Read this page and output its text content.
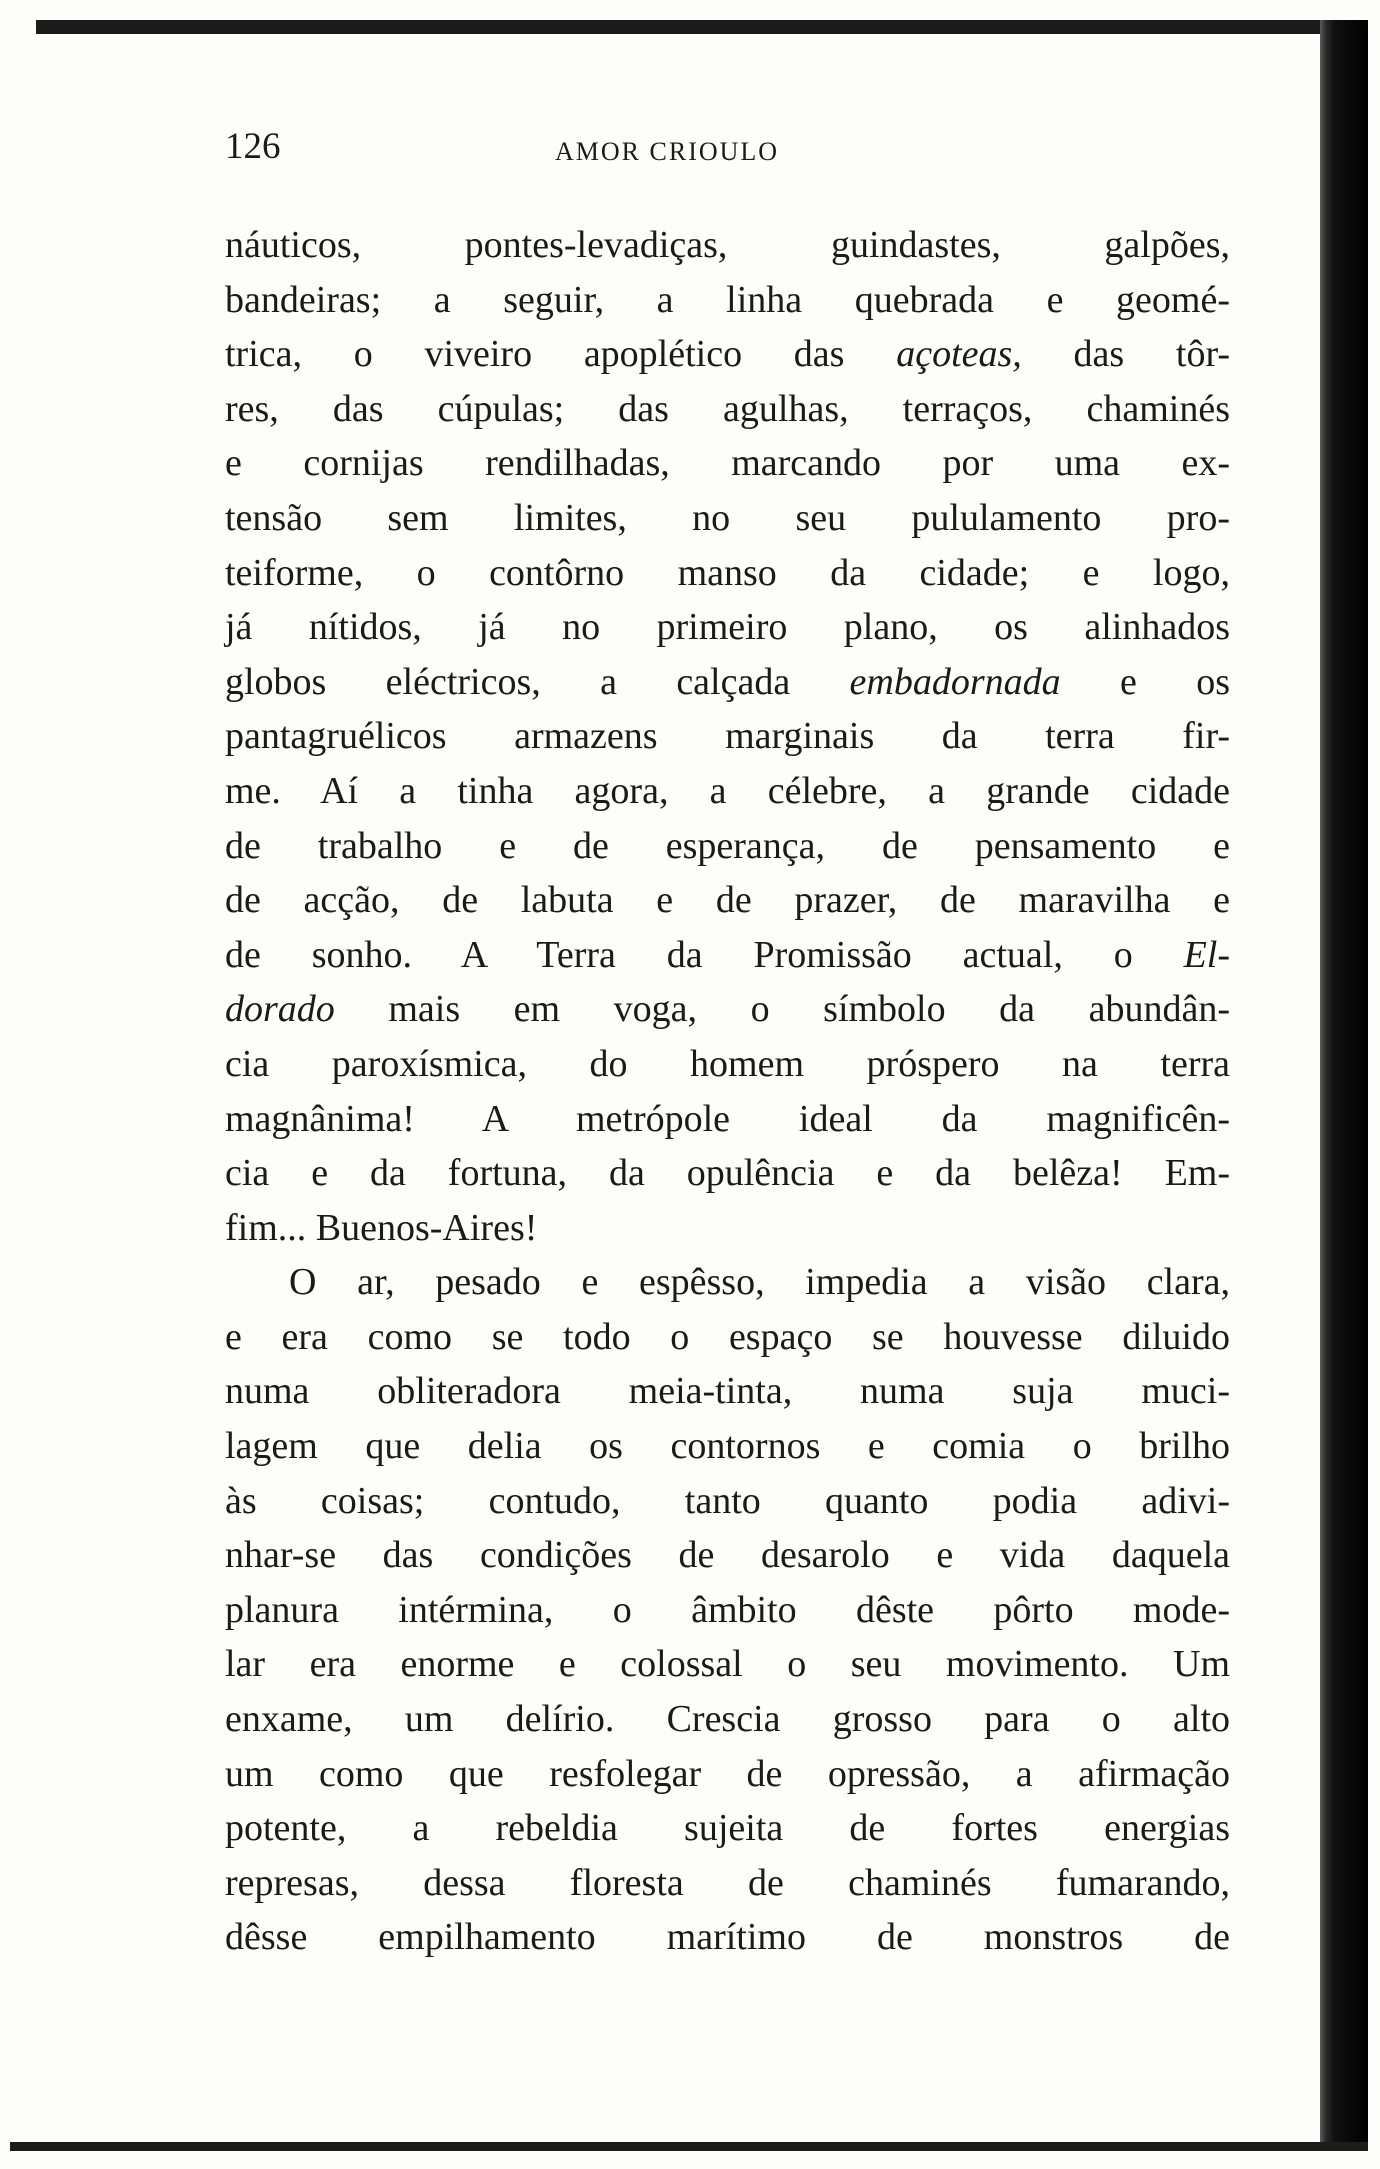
126	AMOR CRIOULO
náuticos, pontes-levadiças, guindastes, galpões,
bandeiras; a seguir, a linha quebrada e geomé-
trica, o viveiro apoplético das açoteas, das tôr-
res, das cúpulas; das agulhas, terraços, chaminés
e cornijas rendilhadas, marcando por uma ex-
tensão sem limites, no seu pululamento pro-
teiforme, o contôrno manso da cidade; e logo,
já nítidos, já no primeiro plano, os alinhados
globos eléctricos, a calçada embadornada e os
pantagruélicos armazens marginais da terra fir-
me. Aí a tinha agora, a célebre, a grande cidade
de trabalho e de esperança, de pensamento e
de acção, de labuta e de prazer, de maravilha e
de sonho. A Terra da Promissão actual, o El-
dorado mais em voga, o símbolo da abundân-
cia paroxísmica, do homem próspero na terra
magnânima! A metrópole ideal da magnificên-
cia e da fortuna, da opulência e da belêza! Em-
fim... Buenos-Aires!
O ar, pesado e espêsso, impedia a visão clara,
e era como se todo o espaço se houvesse diluido
numa obliteradora meia-tinta, numa suja muci-
lagem que delia os contornos e comia o brilho
às coisas; contudo, tanto quanto podia adivi-
nhar-se das condições de desarolo e vida daquela
planura intérmina, o âmbito dêste pôrto mode-
lar era enorme e colossal o seu movimento. Um
enxame, um delírio. Crescia grosso para o alto
um como que resfolegar de opressão, a afirmação
potente, a rebeldia sujeita de fortes energias
represas, dessa floresta de chaminés fumarando,
dêsse empilhamento marítimo de monstros de
